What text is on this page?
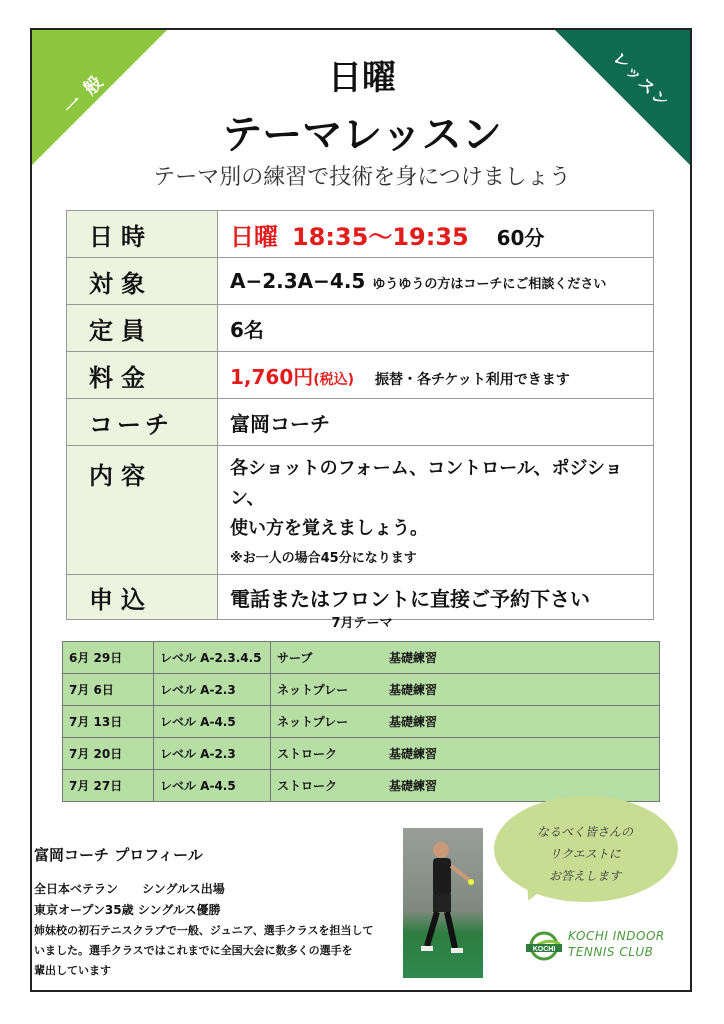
一般	レッスン
日曜
テーマレッスン
テーマ別の練習で技術を身につけましょう
日時	日曜 18:35〜19:35 60分
対象	A−2.3A−4.5 ゆうゆうの方はコーチにご相談ください
定員	6名
料金	1,760円(税込) 振替・各チケット利用できます
コーチ	富岡コーチ
内容	各ショットのフォーム、コントロール、ポジション、
使い方を覚えましょう。
※お一人の場合45分になります

申込	電話またはフロントに直接ご予約下さい
7月テーマ
6月 29日	レベル A-2.3.4.5	サーブ 基礎練習
7月 6日	レベル A-2.3	ネットプレー 基礎練習
7月 13日	レベル A-4.5	ネットプレー 基礎練習
7月 20日	レベル A-2.3	ストローク 基礎練習
7月 27日	レベル A-4.5	ストローク 基礎練習
富岡コーチ プロフィール
全日本ベテラン　　シングルス出場
東京オープン35歳 シングルス優勝
姉妹校の初石テニスクラブで一般、ジュニア、選手クラスを担当して
いました。選手クラスではこれまでに全国大会に数多くの選手を
輩出しています
なるべく皆さんの
リクエストに
お答えします
KOCHI
KOCHI INDOOR
TENNIS CLUB
